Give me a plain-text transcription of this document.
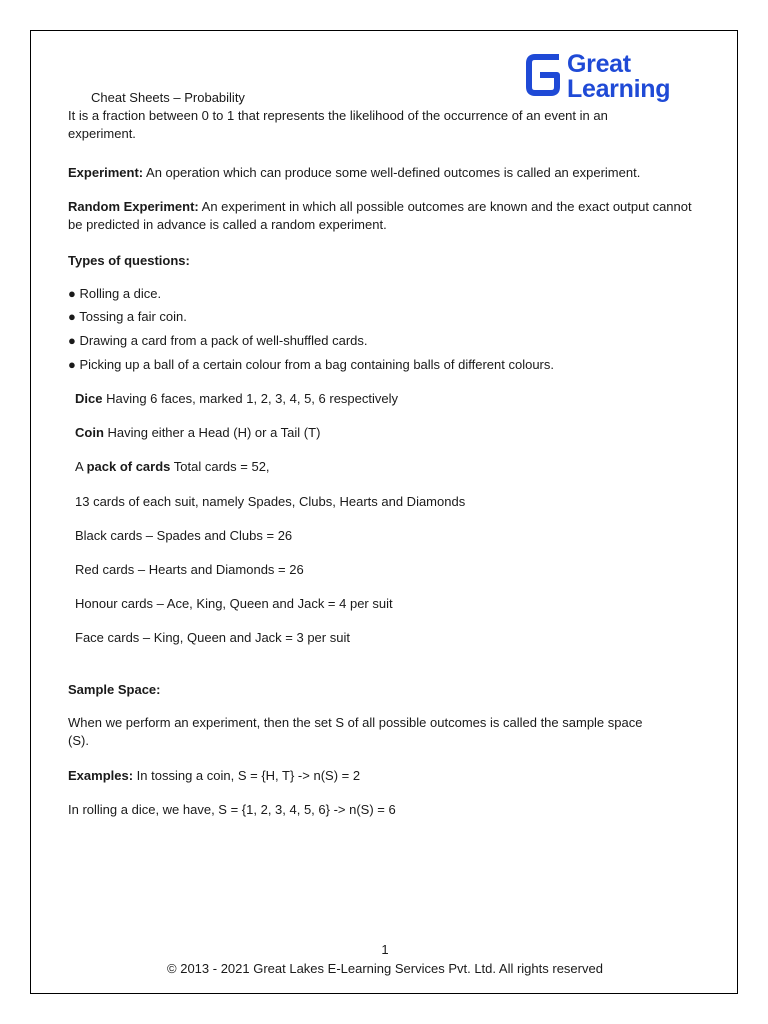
Great
Learning
Cheat Sheets – Probability
It is a fraction between 0 to 1 that represents the likelihood of the occurrence of an event in an experiment.
Experiment: An operation which can produce some well-defined outcomes is called an experiment.
Random Experiment: An experiment in which all possible outcomes are known and the exact output cannot be predicted in advance is called a random experiment.
Types of questions:
● Rolling a dice.
● Tossing a fair coin.
● Drawing a card from a pack of well-shuffled cards.
● Picking up a ball of a certain colour from a bag containing balls of different colours.
Dice Having 6 faces, marked 1, 2, 3, 4, 5, 6 respectively
Coin Having either a Head (H) or a Tail (T)
A pack of cards Total cards = 52,
13 cards of each suit, namely Spades, Clubs, Hearts and Diamonds
Black cards – Spades and Clubs = 26
Red cards – Hearts and Diamonds = 26
Honour cards – Ace, King, Queen and Jack = 4 per suit
Face cards – King, Queen and Jack = 3 per suit
Sample Space:
When we perform an experiment, then the set S of all possible outcomes is called the sample space (S).
Examples: In tossing a coin, S = {H, T} -> n(S) = 2
In rolling a dice, we have, S = {1, 2, 3, 4, 5, 6} -> n(S) = 6
1
© 2013 - 2021 Great Lakes E-Learning Services Pvt. Ltd. All rights reserved
